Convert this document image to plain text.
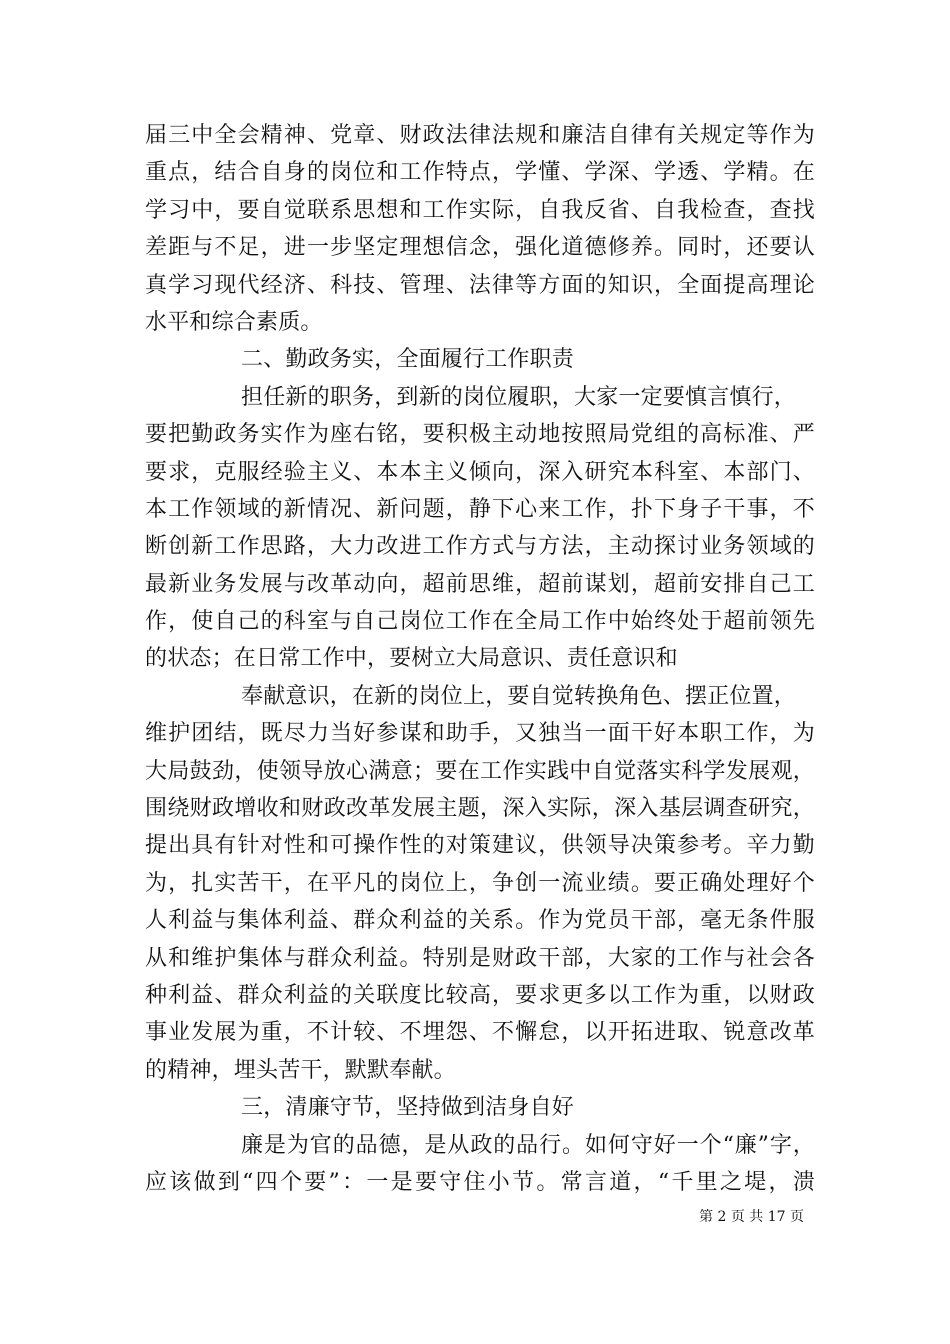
届三中全会精神、党章、财政法律法规和廉洁自律有关规定等作为
重点，结合自身的岗位和工作特点，学懂、学深、学透、学精。在
学习中，要自觉联系思想和工作实际，自我反省、自我检查，查找
差距与不足，进一步坚定理想信念，强化道德修养。同时，还要认
真学习现代经济、科技、管理、法律等方面的知识，全面提高理论
水平和综合素质。
二、勤政务实，全面履行工作职责
担任新的职务，到新的岗位履职，大家一定要慎言慎行，
要把勤政务实作为座右铭，要积极主动地按照局党组的高标准、严
要求，克服经验主义、本本主义倾向，深入研究本科室、本部门、
本工作领域的新情况、新问题，静下心来工作，扑下身子干事，不
断创新工作思路，大力改进工作方式与方法，主动探讨业务领域的
最新业务发展与改革动向，超前思维，超前谋划，超前安排自己工
作，使自己的科室与自己岗位工作在全局工作中始终处于超前领先
的状态；在日常工作中，要树立大局意识、责任意识和
奉献意识，在新的岗位上，要自觉转换角色、摆正位置，
维护团结，既尽力当好参谋和助手，又独当一面干好本职工作，为
大局鼓劲，使领导放心满意；要在工作实践中自觉落实科学发展观，
围绕财政增收和财政改革发展主题，深入实际，深入基层调查研究，
提出具有针对性和可操作性的对策建议，供领导决策参考。辛力勤
为，扎实苦干，在平凡的岗位上，争创一流业绩。要正确处理好个
人利益与集体利益、群众利益的关系。作为党员干部，毫无条件服
从和维护集体与群众利益。特别是财政干部，大家的工作与社会各
种利益、群众利益的关联度比较高，要求更多以工作为重，以财政
事业发展为重，不计较、不埋怨、不懈怠，以开拓进取、锐意改革
的精神，埋头苦干，默默奉献。
三，清廉守节，坚持做到洁身自好
廉是为官的品德，是从政的品行。如何守好一个“廉”字，
应该做到“四个要”：一是要守住小节。常言道，“千里之堤，溃
第 2 页 共 17 页
